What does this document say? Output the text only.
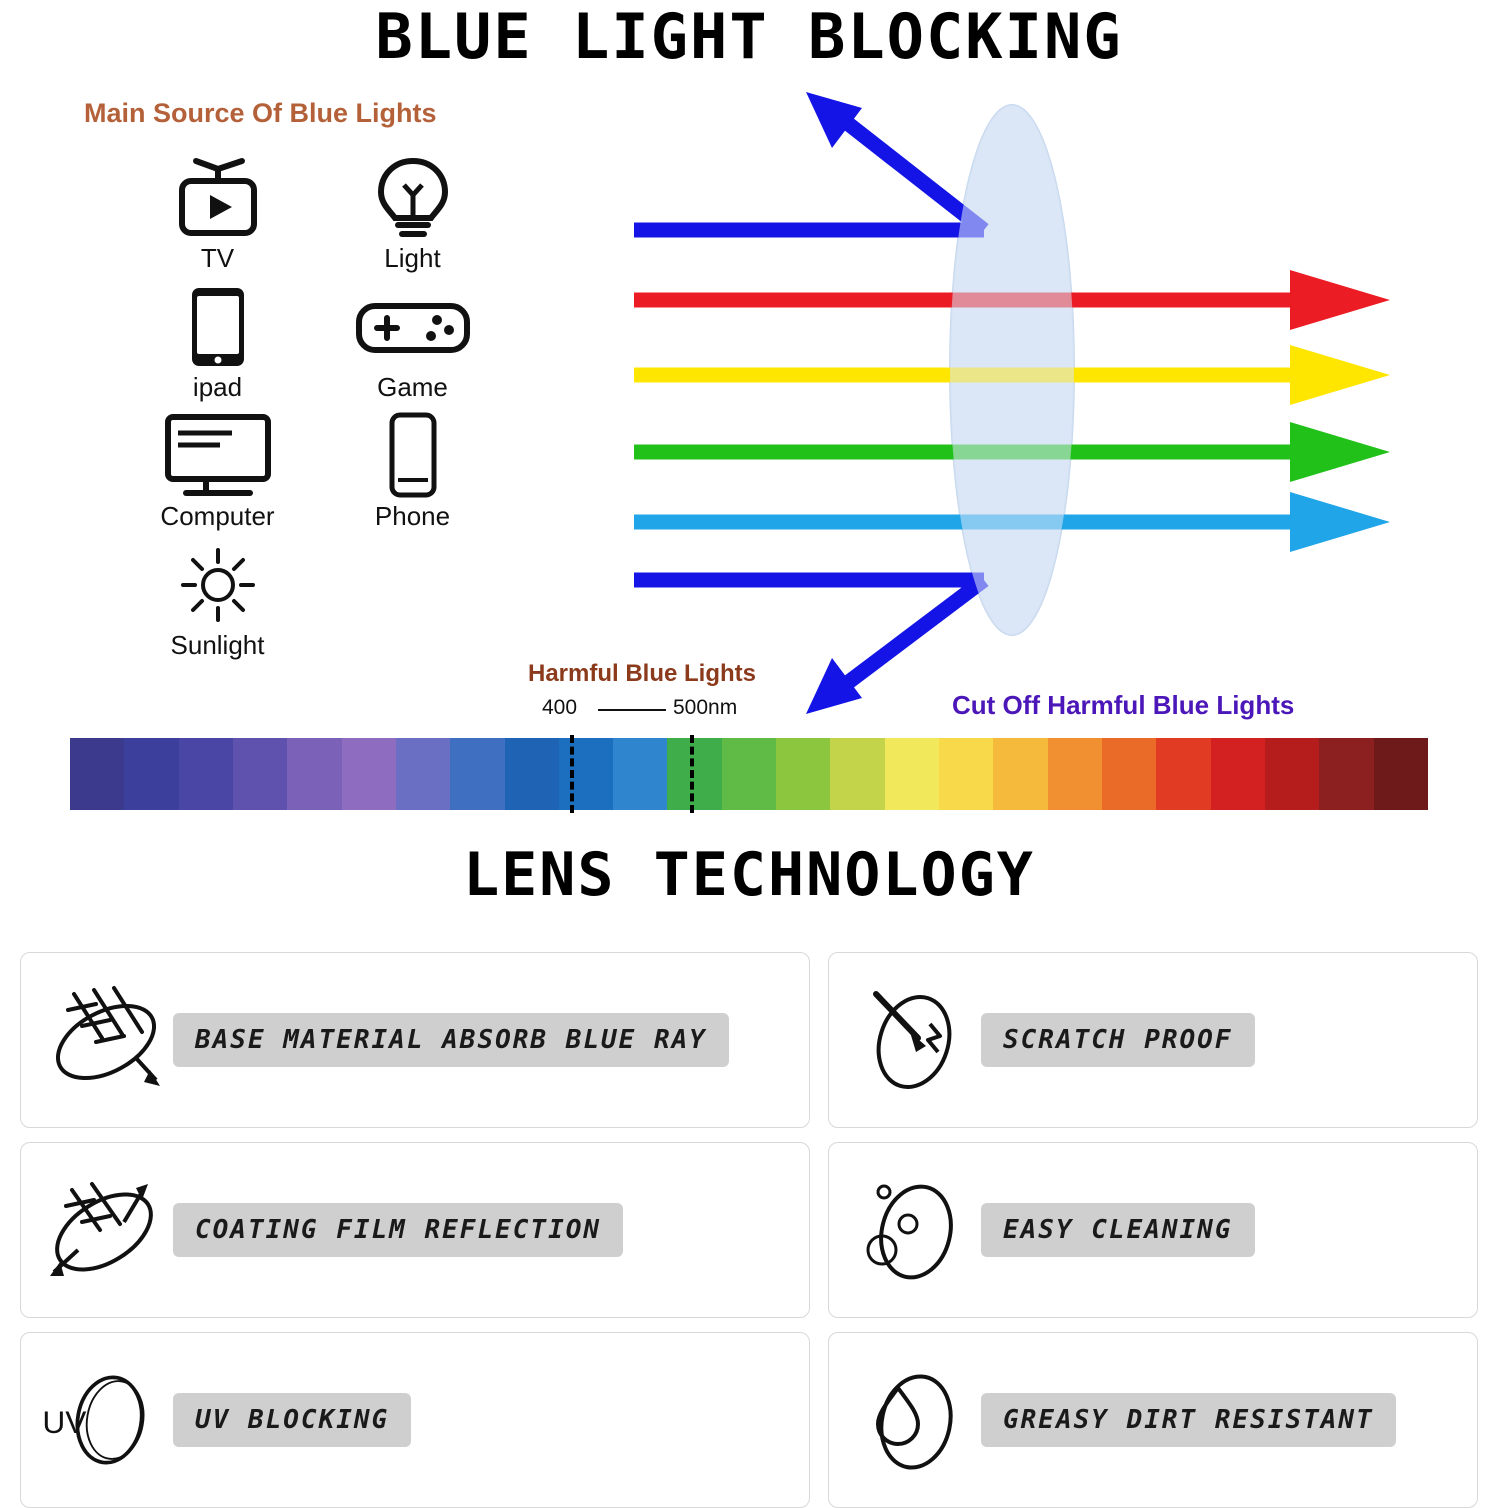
BLUE LIGHT BLOCKING
Main Source Of Blue Lights
TV	Light
ipad	Game
Computer	Phone
Sunlight
Harmful Blue Lights
400	500nm	Cut Off Harmful Blue Lights
LENS TECHNOLOGY
BASE MATERIAL ABSORB BLUE RAY	SCRATCH PROOF
COATING FILM REFLECTION	EASY CLEANING
UV	UV BLOCKING	GREASY DIRT RESISTANT
